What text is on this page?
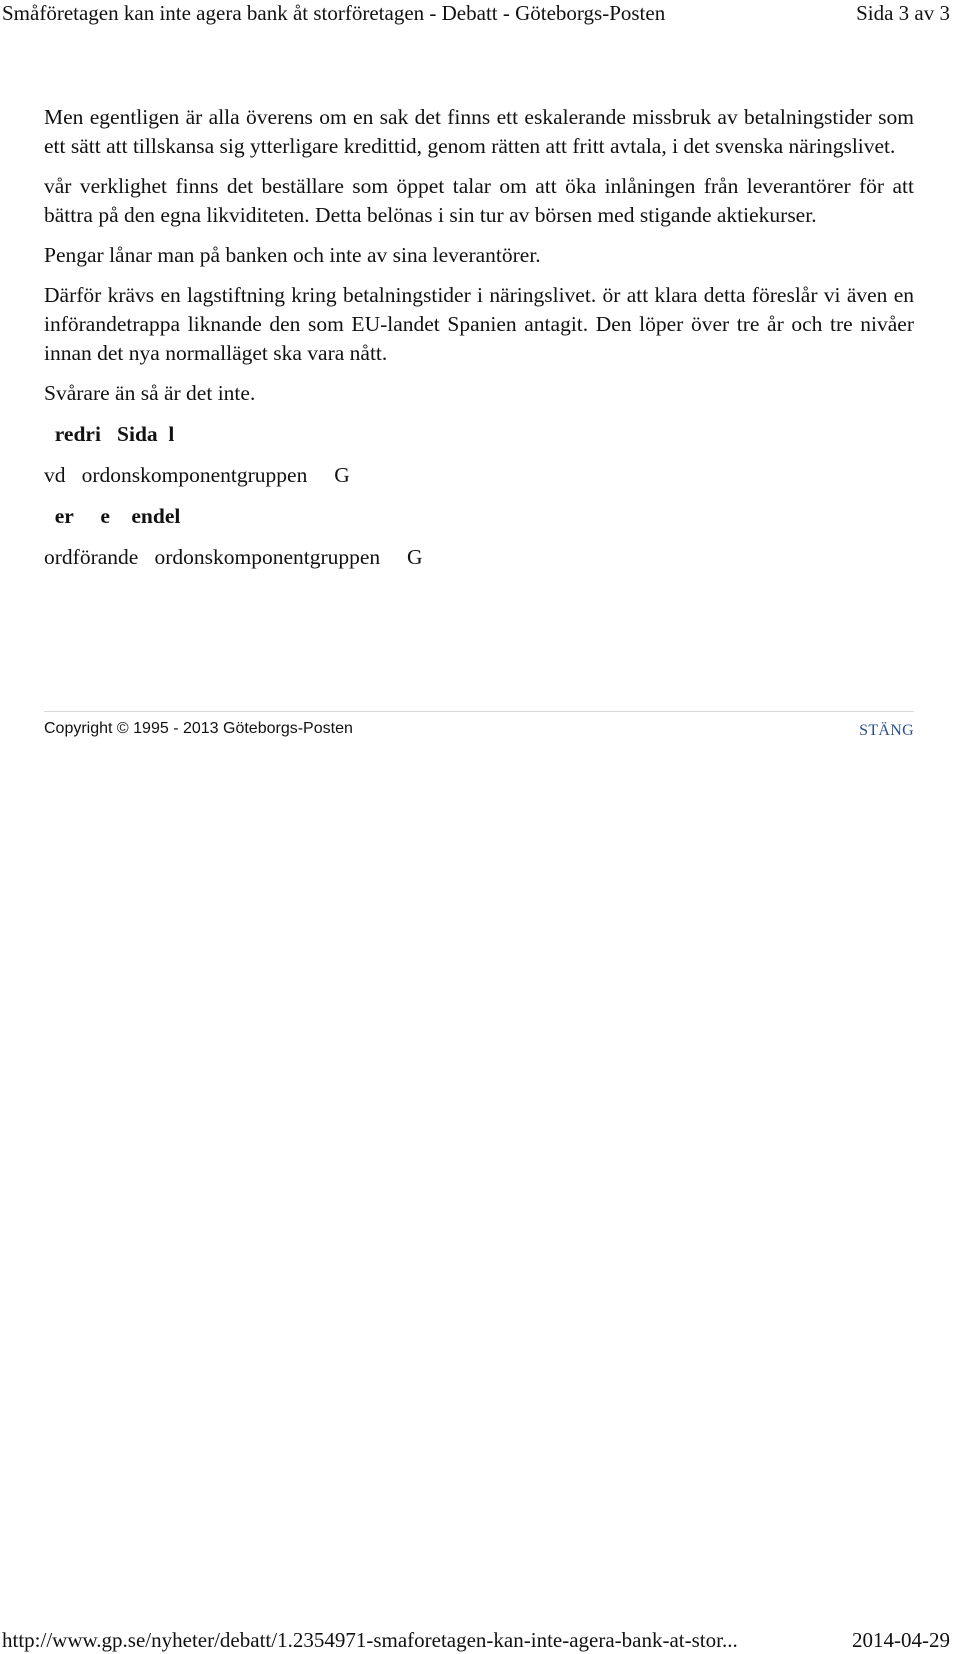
Småföretagen kan inte agera bank åt storföretagen - Debatt - Göteborgs-Posten	Sida 3 av 3

Men egentligen är alla överens om en sak det finns ett eskalerande missbruk av betalningstider som ett sätt att tillskansa sig ytterligare kredittid, genom rätten att fritt avtala, i det svenska näringslivet.

vår verklighet finns det beställare som öppet talar om att öka inlåningen från leverantörer för att bättra på den egna likviditeten. Detta belönas i sin tur av börsen med stigande aktiekurser.

Pengar lånar man på banken och inte av sina leverantörer.

Därför krävs en lagstiftning kring betalningstider i näringslivet. ör att klara detta föreslår vi även en införandetrappa liknande den som EU-landet Spanien antagit. Den löper över tre år och tre nivåer innan det nya normalläget ska vara nått.

Svårare än så är det inte.

redri   Sida  l

vd   ordonskomponentgruppen     G

er     e    endel

ordförande   ordonskomponentgruppen     G

Copyright © 1995 - 2013 Göteborgs-Posten	STÄNG
http://www.gp.se/nyheter/debatt/1.2354971-smaforetagen-kan-inte-agera-bank-at-stor...	2014-04-29
